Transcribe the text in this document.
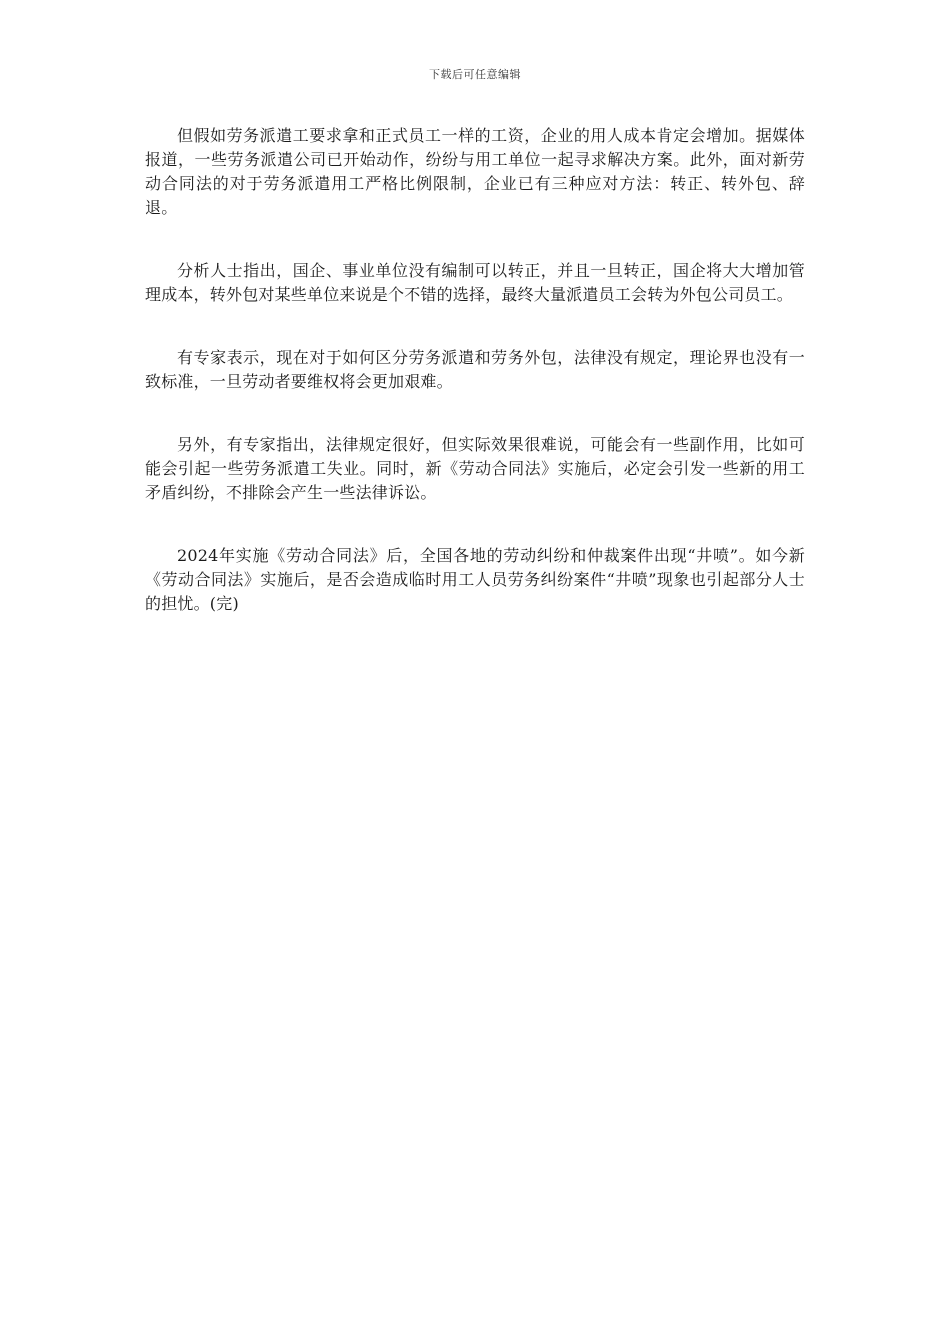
下载后可任意编辑

但假如劳务派遣工要求拿和正式员工一样的工资，企业的用人成本肯定会增加。据媒体报道，一些劳务派遣公司已开始动作，纷纷与用工单位一起寻求解决方案。此外，面对新劳动合同法的对于劳务派遣用工严格比例限制，企业已有三种应对方法：转正、转外包、辞退。

分析人士指出，国企、事业单位没有编制可以转正，并且一旦转正，国企将大大增加管理成本，转外包对某些单位来说是个不错的选择，最终大量派遣员工会转为外包公司员工。

有专家表示，现在对于如何区分劳务派遣和劳务外包，法律没有规定，理论界也没有一致标准，一旦劳动者要维权将会更加艰难。

另外，有专家指出，法律规定很好，但实际效果很难说，可能会有一些副作用，比如可能会引起一些劳务派遣工失业。同时，新《劳动合同法》实施后，必定会引发一些新的用工矛盾纠纷，不排除会产生一些法律诉讼。

2024年实施《劳动合同法》后，全国各地的劳动纠纷和仲裁案件出现“井喷”。如今新《劳动合同法》实施后，是否会造成临时用工人员劳务纠纷案件“井喷”现象也引起部分人士的担忧。(完)
